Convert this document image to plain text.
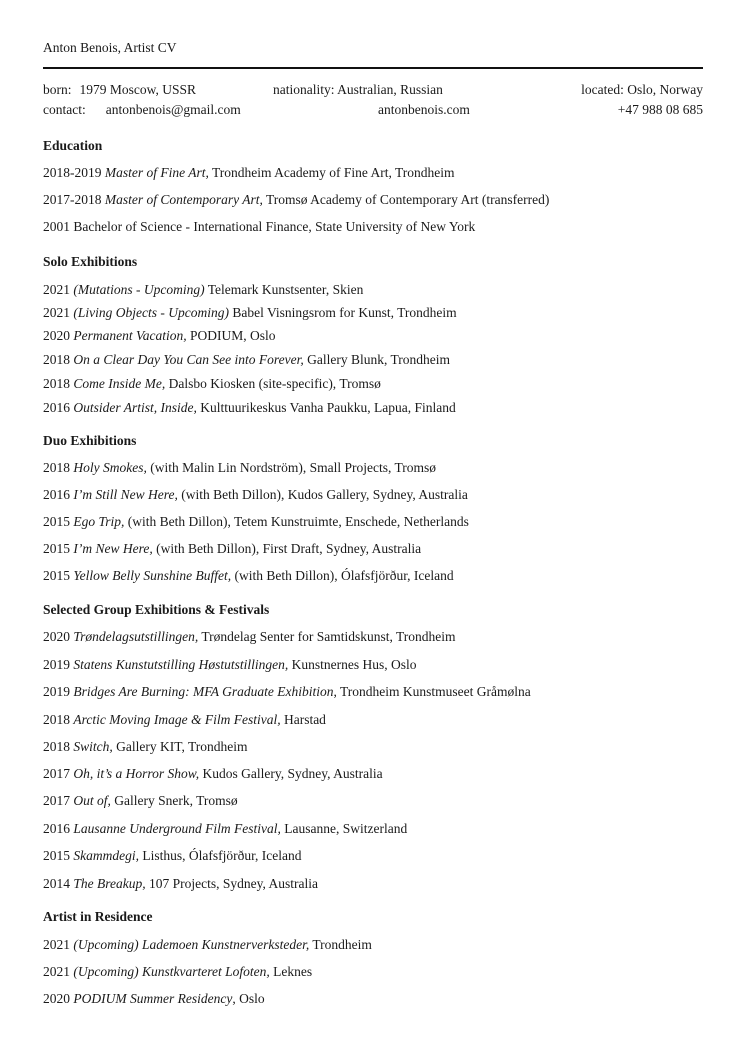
Anton Benois, Artist CV
born: 1979 Moscow, USSR	nationality: Australian, Russian	located: Oslo, Norway
contact: antonbenois@gmail.com	antonbenois.com	+47 988 08 685
Education
2018-2019 Master of Fine Art, Trondheim Academy of Fine Art, Trondheim
2017-2018 Master of Contemporary Art, Tromsø Academy of Contemporary Art (transferred)
2001 Bachelor of Science - International Finance, State University of New York
Solo Exhibitions
2021 (Mutations - Upcoming) Telemark Kunstsenter, Skien
2021 (Living Objects - Upcoming) Babel Visningsrom for Kunst, Trondheim
2020 Permanent Vacation, PODIUM, Oslo
2018 On a Clear Day You Can See into Forever, Gallery Blunk, Trondheim
2018 Come Inside Me, Dalsbo Kiosken (site-specific), Tromsø
2016 Outsider Artist, Inside, Kulttuurikeskus Vanha Paukku, Lapua, Finland
Duo Exhibitions
2018 Holy Smokes, (with Malin Lin Nordström), Small Projects, Tromsø
2016 I’m Still New Here, (with Beth Dillon), Kudos Gallery, Sydney, Australia
2015 Ego Trip, (with Beth Dillon), Tetem Kunstruimte, Enschede, Netherlands
2015 I’m New Here, (with Beth Dillon), First Draft, Sydney, Australia
2015 Yellow Belly Sunshine Buffet, (with Beth Dillon), Ólafsfjörður, Iceland
Selected Group Exhibitions & Festivals
2020 Trøndelagsutstillingen, Trøndelag Senter for Samtidskunst, Trondheim
2019 Statens Kunstutstilling Høstutstillingen, Kunstnernes Hus, Oslo
2019 Bridges Are Burning: MFA Graduate Exhibition, Trondheim Kunstmuseet Gråmølna
2018 Arctic Moving Image & Film Festival, Harstad
2018 Switch, Gallery KIT, Trondheim
2017 Oh, it’s a Horror Show, Kudos Gallery, Sydney, Australia
2017 Out of, Gallery Snerk, Tromsø
2016 Lausanne Underground Film Festival, Lausanne, Switzerland
2015 Skammdegi, Listhus, Ólafsfjörður, Iceland
2014 The Breakup, 107 Projects, Sydney, Australia
Artist in Residence
2021 (Upcoming) Lademoen Kunstnerverksteder, Trondheim
2021 (Upcoming) Kunstkvarteret Lofoten, Leknes
2020 PODIUM Summer Residency, Oslo
